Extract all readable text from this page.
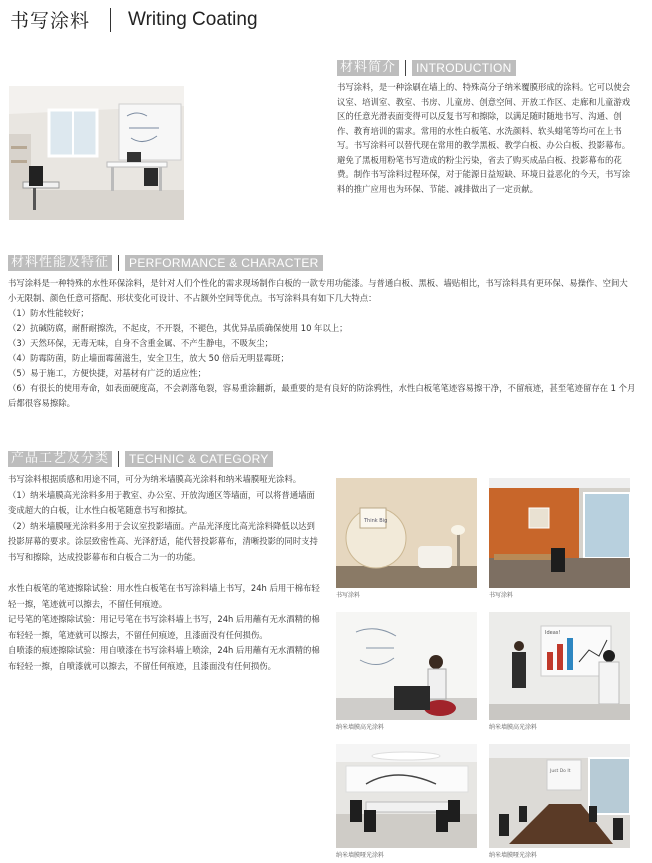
书写涂料 Writing Coating
材料简介	INTRODUCTION

书写涂料，是一种涂刷在墙上的、特殊高分子纳米覆膜形成的涂料。它可以使会议室、培训室、教室、书房、儿童房、创意空间、开放工作区、走廊和儿童游戏区的任意光滑表面变得可以反复书写和擦除，以满足随时随地书写、沟通、创作、教育培训的需求。常用的水性白板笔、水洗颜料、软头蜡笔等均可在上书写。书写涂料可以替代现在常用的教学黑板、教学白板、办公白板、投影幕布。 避免了黑板用粉笔书写造成的粉尘污染，省去了购买成品白板、投影幕布的花费。制作书写涂料过程环保，对于能源日益短缺、环境日益恶化的今天，书写涂料的推广应用也为环保、节能、减排做出了一定贡献。

材料性能及特征	PERFORMANCE & CHARACTER

书写涂料是一种特殊的水性环保涂料，是针对人们个性化的需求现场制作白板的一款专用功能漆。与普通白板、黑板、墙贴相比，书写涂料具有更环保、易操作、空间大小无限制、颜色任意可搭配、形状变化可设计、不占额外空间等优点。书写涂料具有如下几大特点：

（1）防水性能较好；

（2）抗碱防腐，耐酐耐擦洗，不起皮，不开裂，不褪色，其优异品质确保使用 10 年以上；

（3）天然环保，无毒无味，自身不含重金属、不产生静电，不吸灰尘；

（4）防霉防菌，防止墙面霉菌滋生，安全卫生，放大 50 倍后无明显霉斑；

（5）易于施工，方便快捷，对基材有广泛的适应性；

（6）有很长的使用寿命，如表面硬度高，不会剥落龟裂，容易重涂翻新，最重要的是有良好的防涂鸦性，水性白板笔笔迹容易擦干净，不留痕迹，甚至笔迹留存在 1 个月后都很容易擦除。

产品工艺及分类	TECHNIC & CATEGORY

书写涂料根据质感和用途不同，可分为纳米墙膜高光涂料和纳米墙膜哑光涂料。

（1）纳米墙膜高光涂料多用于教室、办公室、开放沟通区等墙面，可以将普通墙面变成超大的白板，让水性白板笔随意书写和擦拭。

（2）纳米墙膜哑光涂料多用于会议室投影墙面。产品光泽度比高光涂料降低以达到投影屏幕的要求。涂层致密性高、光泽舒适，能代替投影幕布，清晰投影的同时支持书写和擦除，达成投影幕布和白板合二为一的功能。

水性白板笔的笔迹擦除试验：用水性白板笔在书写涂料墙上书写，24h 后用干棉布轻轻一擦，笔迹就可以擦去，不留任何痕迹。

记号笔的笔迹擦除试验：用记号笔在书写涂料墙上书写，24h 后用蘸有无水酒精的棉布轻轻一擦，笔迹就可以擦去，不留任何痕迹，且漆面没有任何损伤。

自喷漆的痕迹擦除试验：用自喷漆在书写涂料墙上喷涂，24h 后用蘸有无水酒精的棉布轻轻一擦，自喷漆就可以擦去，不留任何痕迹，且漆面没有任何损伤。

Think Big
书写涂料	书写涂料
纳米墙膜高光涂料
Ideas!
纳米墙膜高光涂料
纳米墙膜哑光涂料
Just Do It
纳米墙膜哑光涂料
